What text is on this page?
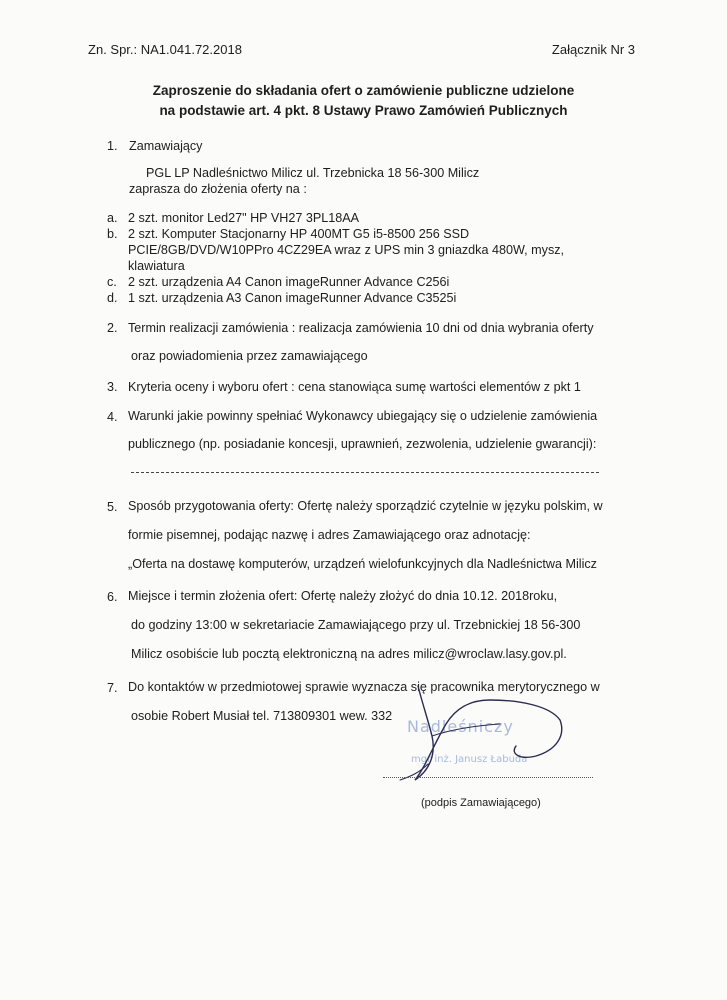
Zn. Spr.: NA1.041.72.2018	Załącznik Nr 3
Zaproszenie do składania ofert o zamówienie publiczne udzielone
na podstawie art. 4 pkt. 8 Ustawy Prawo Zamówień Publicznych
1. Zamawiający
PGL LP Nadleśnictwo Milicz ul. Trzebnicka 18 56-300 Milicz
zaprasza do złożenia oferty na :
a. 2 szt. monitor Led27" HP VH27 3PL18AA
b. 2 szt. Komputer Stacjonarny HP 400MT G5 i5-8500 256 SSD
PCIE/8GB/DVD/W10PPro 4CZ29EA wraz z UPS min 3 gniazdka 480W, mysz,
klawiatura
c. 2 szt. urządzenia A4 Canon imageRunner Advance C256i
d. 1 szt. urządzenia A3 Canon imageRunner Advance C3525i
2. Termin realizacji zamówienia : realizacja zamówienia 10 dni od dnia wybrania oferty
oraz powiadomienia przez zamawiającego
3. Kryteria oceny i wyboru ofert : cena stanowiąca sumę wartości elementów z pkt 1
4. Warunki jakie powinny spełniać Wykonawcy ubiegający się o udzielenie zamówienia
publicznego (np. posiadanie koncesji, uprawnień, zezwolenia, udzielenie gwarancji):
5. Sposób przygotowania oferty: Ofertę należy sporządzić czytelnie w języku polskim, w
formie pisemnej, podając nazwę i adres Zamawiającego oraz adnotację:
„Oferta na dostawę komputerów, urządzeń wielofunkcyjnych dla Nadleśnictwa Milicz
6. Miejsce i termin złożenia ofert: Ofertę należy złożyć do dnia 10.12. 2018roku,
do godziny 13:00 w sekretariacie Zamawiającego przy ul. Trzebnickiej 18 56-300
Milicz osobiście lub pocztą elektroniczną na adres milicz@wroclaw.lasy.gov.pl.
7. Do kontaktów w przedmiotowej sprawie wyznacza się pracownika merytorycznego w
osobie Robert Musiał tel. 713809301 wew. 332
Nadleśniczy
mgr inż. Janusz Łabuda
(podpis Zamawiającego)
